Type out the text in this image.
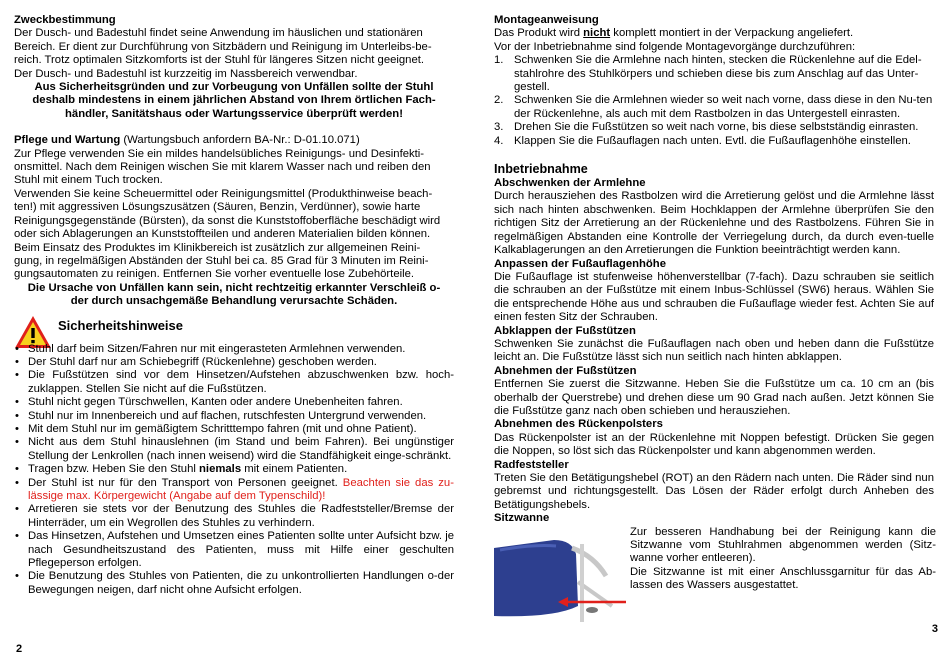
Zweckbestimmung
Der Dusch- und Badestuhl findet seine Anwendung im häuslichen und stationären
Bereich. Er dient zur Durchführung von Sitzbädern und Reinigung im Unterleibs-be-
reich. Trotz optimalen Sitzkomforts ist der Stuhl für längeres Sitzen nicht geeignet.
Der Dusch- und Badestuhl ist kurzzeitig im Nassbereich verwendbar.
Aus Sicherheitsgründen und zur Vorbeugung von Unfällen sollte der Stuhl
deshalb mindestens in einem jährlichen Abstand von Ihrem örtlichen Fach-
händler, Sanitätshaus oder Wartungsservice überprüft werden!
Pflege und Wartung (Wartungsbuch anfordern BA-Nr.: D-01.10.071)
Zur Pflege verwenden Sie ein mildes handelsübliches Reinigungs- und Desinfekti-
onsmittel. Nach dem Reinigen wischen Sie mit klarem Wasser nach und reiben den
Stuhl mit einem Tuch trocken.
Verwenden Sie keine Scheuermittel oder Reinigungsmittel (Produkthinweise beach-
ten!) mit aggressiven Lösungszusätzen (Säuren, Benzin, Verdünner), sowie harte
Reinigungsgegenstände (Bürsten), da sonst die Kunststoffoberfläche beschädigt wird
oder sich Ablagerungen an Kunststoffteilen und anderen Materialien bilden können.
Beim Einsatz des Produktes im Klinikbereich ist zusätzlich zur allgemeinen Reini-
gung, in regelmäßigen Abständen der Stuhl bei ca. 85 Grad für 3 Minuten im Reini-
gungsautomaten zu reinigen. Entfernen Sie vorher eventuelle lose Zubehörteile.
Die Ursache von Unfällen kann sein, nicht rechtzeitig erkannter Verschleiß o-
der durch unsachgemäße Behandlung verursachte Schäden.
Sicherheitshinweise
• Stuhl darf beim Sitzen/Fahren nur mit eingerasteten Armlehnen verwenden.
• Der Stuhl darf nur am Schiebegriff (Rückenlehne) geschoben werden.
• Die Fußstützen sind vor dem Hinsetzen/Aufstehen abzuschwenken bzw. hoch-zuklappen. Stellen Sie nicht auf die Fußstützen.
• Stuhl nicht gegen Türschwellen, Kanten oder andere Unebenheiten fahren.
• Stuhl nur im Innenbereich und auf flachen, rutschfesten Untergrund verwenden.
• Mit dem Stuhl nur im gemäßigtem Schritttempo fahren (mit und ohne Patient).
• Nicht aus dem Stuhl hinauslehnen (im Stand und beim Fahren). Bei ungünstiger Stellung der Lenkrollen (nach innen weisend) wird die Standfähigkeit einge-schränkt.
• Tragen bzw. Heben Sie den Stuhl niemals mit einem Patienten.
• Der Stuhl ist nur für den Transport von Personen geeignet. Beachten sie das zu-lässige max. Körpergewicht (Angabe auf dem Typenschild)!
• Arretieren sie stets vor der Benutzung des Stuhles die Radfeststeller/Bremse der Hinterräder, um ein Wegrollen des Stuhles zu verhindern.
• Das Hinsetzen, Aufstehen und Umsetzen eines Patienten sollte unter Aufsicht bzw. je nach Gesundheitszustand des Patienten, muss mit Hilfe einer geschulten Pflegeperson erfolgen.
• Die Benutzung des Stuhles von Patienten, die zu unkontrollierten Handlungen o-der Bewegungen neigen, darf nicht ohne Aufsicht erfolgen.
2
Montageanweisung
Das Produkt wird nicht komplett montiert in der Verpackung angeliefert.
Vor der Inbetriebnahme sind folgende Montagevorgänge durchzuführen:
1. Schwenken Sie die Armlehne nach hinten, stecken die Rückenlehne auf die Edel-stahlrohre des Stuhlkörpers und schieben diese bis zum Anschlag auf das Unter-gestell.
2. Schwenken Sie die Armlehnen wieder so weit nach vorne, dass diese in den Nu-ten der Rückenlehne, als auch mit dem Rastbolzen in das Untergestell einrasten.
3. Drehen Sie die Fußstützen so weit nach vorne, bis diese selbstständig einrasten.
4. Klappen Sie die Fußauflagen nach unten. Evtl. die Fußauflagenhöhe einstellen.
Inbetriebnahme
Abschwenken der Armlehne
Durch herausziehen des Rastbolzen wird die Arretierung gelöst und die Armlehne lässt sich nach hinten abschwenken. Beim Hochklappen der Armlehne überprüfen Sie den richtigen Sitz der Arretierung an der Rückenlehne und des Rastbolzens. Führen Sie in regelmäßigen Abstanden eine Kontrolle der Verriegelung durch, da durch even-tuelle Kalkablagerungen an den Arretierungen die Funktion beeinträchtigt werden kann.
Anpassen der Fußauflagenhöhe
Die Fußauflage ist stufenweise höhenverstellbar (7-fach). Dazu schrauben sie seitlich die schrauben an der Fußstütze mit einem Inbus-Schlüssel (SW6) heraus. Wählen Sie die entsprechende Höhe aus und schrauben die Fußauflage wieder fest. Achten Sie auf einen festen Sitz der Schrauben.
Abklappen der Fußstützen
Schwenken Sie zunächst die Fußauflagen nach oben und heben dann die Fußstütze leicht an. Die Fußstütze lässt sich nun seitlich nach hinten abklappen.
Abnehmen der Fußstützen
Entfernen Sie zuerst die Sitzwanne. Heben Sie die Fußstütze um ca. 10 cm an (bis oberhalb der Querstrebe) und drehen diese um 90 Grad nach außen. Jetzt können Sie die Fußstütze ganz nach oben schieben und herausziehen.
Abnehmen des Rückenpolsters
Das Rückenpolster ist an der Rückenlehne mit Noppen befestigt. Drücken Sie gegen die Noppen, so löst sich das Rückenpolster und kann abgenommen werden.
Radfeststeller
Treten Sie den Betätigungshebel (ROT) an den Rädern nach unten. Die Räder sind nun gebremst und richtungsgestellt. Das Lösen der Räder erfolgt durch Anheben des Betätigungshebels.
Sitzwanne
Zur besseren Handhabung bei der Reinigung kann die Sitzwanne vom Stuhlrahmen abgenommen werden (Sitz-wanne vorher entleeren).
Die Sitzwanne ist mit einer Anschlussgarnitur für das Ab-lassen des Wassers ausgestattet.
3
